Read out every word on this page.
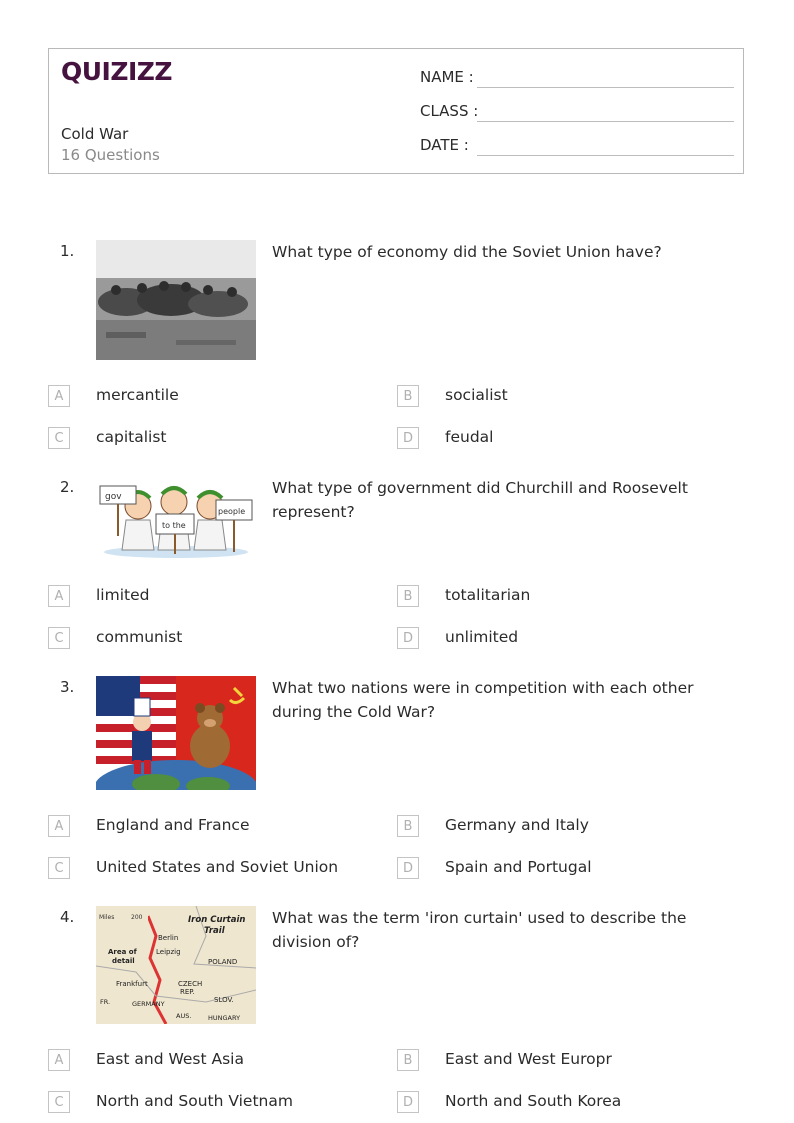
QUIZIZZ
Cold War
16 Questions
NAME :
CLASS :
DATE :
1.	What type of economy did the Soviet Union have?
A	mercantile	B	socialist
C	capitalist	D	feudal
2.
gov
to the
people
What type of government did Churchill and Roosevelt represent?
A	limited	B	totalitarian
C	communist	D	unlimited
3.	What two nations were in competition with each other during the Cold War?
A	England and France	B	Germany and Italy
C	United States and Soviet Union	D	Spain and Portugal
4.	Miles	200	Iron Curtain
Trail
Area of
detail
Berlin
Leipzig
POLAND
Frankfurt	CZECH
REP.
GERMANY	SLOV.
FR.
AUS.	HUNGARY
What was the term 'iron curtain' used to describe the division of?
A	East and West Asia	B	East and West Europr
C	North and South Vietnam	D	North and South Korea
